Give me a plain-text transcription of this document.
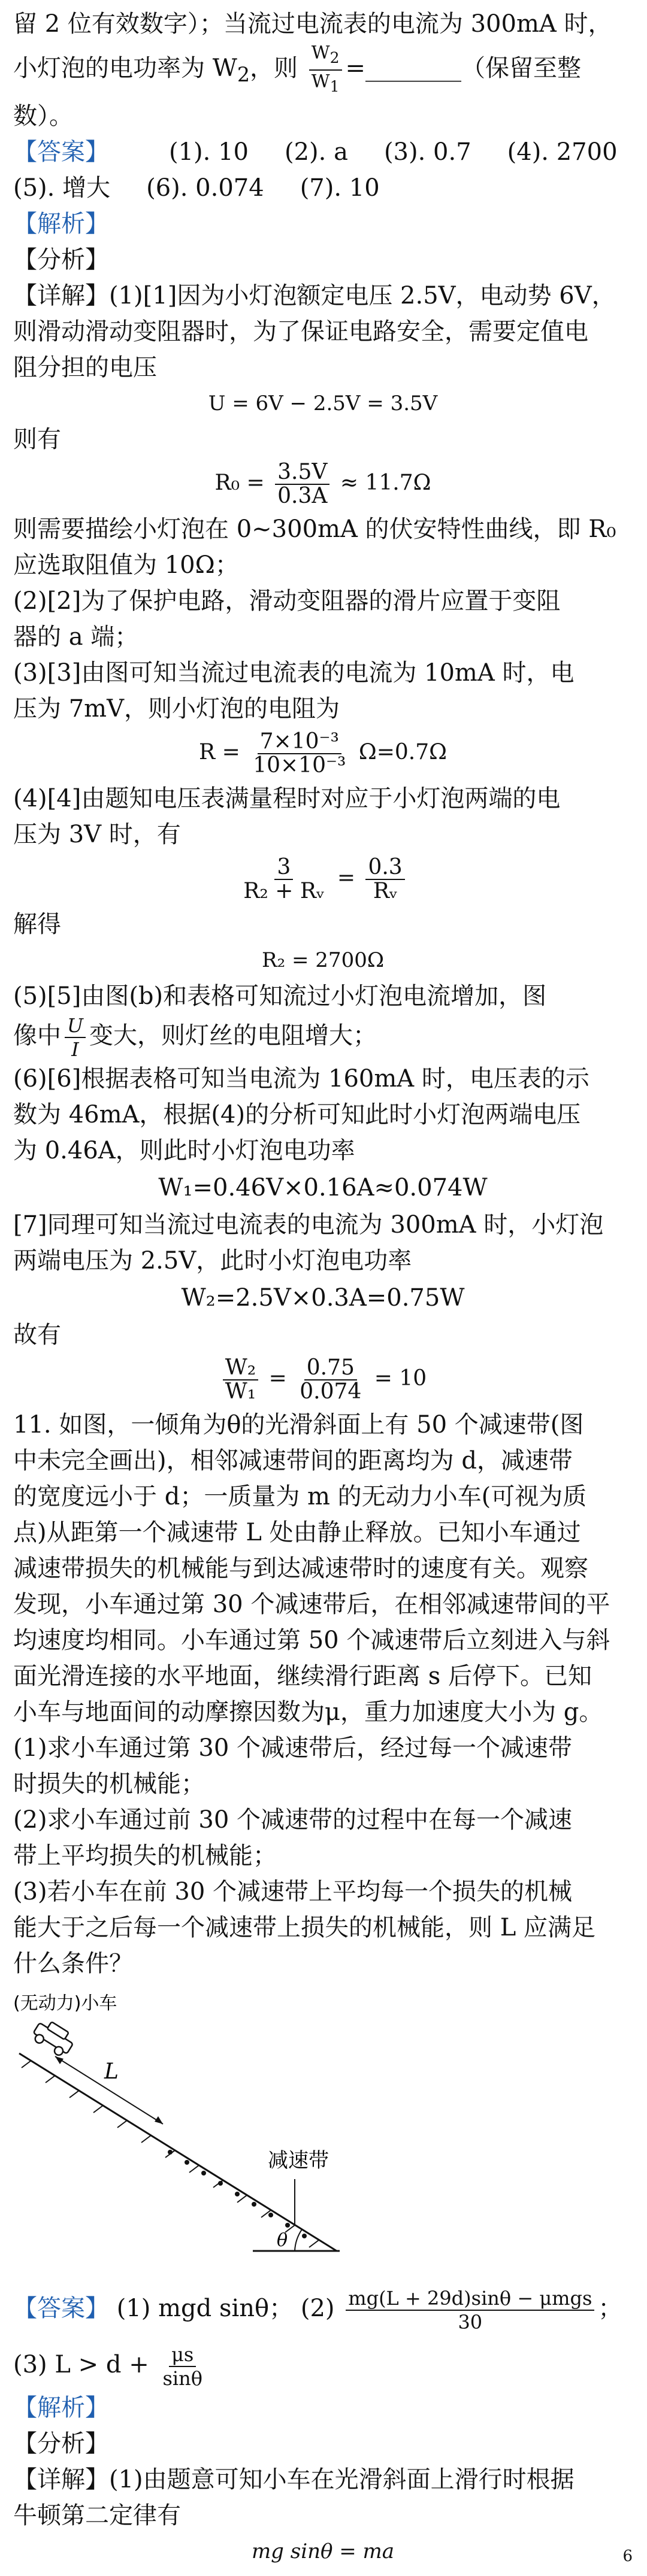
留 2 位有效数字）；当流过电流表的电流为 300mA 时，

小灯泡的电功率为 $W_2$，则 $\frac{W_2}{W_1}$ =________（保留至整数）。

【答案】	(1). 10 (2). a (3). 0.7 (4). 2700
(5). 增大 (6). 0.074 (7). 10

【解析】

【分析】

【详解】(1)[1]因为小灯泡额定电压 2.5V，电动势 6V，

则滑动滑动变阻器时，为了保证电路安全，需要定值电

阻分担的电压

U = 6V − 2.5V = 3.5V

则有

$R_0 = \frac{3.5V}{0.3A} \approx 11.7\Omega$

则需要描绘小灯泡在 0~300mA 的伏安特性曲线，即 R₀

应选取阻值为 10Ω；

(2)[2]为了保护电路，滑动变阻器的滑片应置于变阻

器的 a 端；

(3)[3]由图可知当流过电流表的电流为 10mA 时，电

压为 7mV，则小灯泡的电阻为

$R = \frac{\text{7×10⁻³}}{\text{10×10⁻³}} \Omega=0.7\Omega$

(4)[4]由题知电压表满量程时对应于小灯泡两端的电

压为 3V 时，有

$\frac{3}{\text{R₂ + Rᵥ}} = \frac{0.3}{\text{Rᵥ}}$

解得

R₂ = 2700Ω

(5)[5]由图(b)和表格可知流过小灯泡电流增加，图

像中 $\frac{U}{I}$ 变大，则灯丝的电阻增大；

(6)[6]根据表格可知当电流为 160mA 时，电压表的示

数为 46mA，根据(4)的分析可知此时小灯泡两端电压

为 0.46A，则此时小灯泡电功率

W₁=0.46V×0.16A≈0.074W

[7]同理可知当流过电流表的电流为 300mA 时，小灯泡

两端电压为 2.5V，此时小灯泡电功率

W₂=2.5V×0.3A=0.75W

故有

$\frac{\text{W₂}}{\text{W₁}} = \frac{0.75}{0.074} = 10$

11. 如图，一倾角为θ的光滑斜面上有 50 个减速带(图

中未完全画出)，相邻减速带间的距离均为 d，减速带

的宽度远小于 d；一质量为 m 的无动力小车(可视为质

点)从距第一个减速带 L 处由静止释放。已知小车通过

减速带损失的机械能与到达减速带时的速度有关。观察

发现，小车通过第 30 个减速带后，在相邻减速带间的平

均速度均相同。小车通过第 50 个减速带后立刻进入与斜

面光滑连接的水平地面，继续滑行距离 s 后停下。已知

小车与地面间的动摩擦因数为μ，重力加速度大小为 g。

(1)求小车通过第 30 个减速带后，经过每一个减速带

时损失的机械能；

(2)求小车通过前 30 个减速带的过程中在每一个减速

带上平均损失的机械能；

(3)若小车在前 30 个减速带上平均每一个损失的机械

能大于之后每一个减速带上损失的机械能，则 L 应满足

什么条件？

L
减速带
θ
(无动力)小车

【答案】 (1) mgd sinθ； $(2) \frac{\text{mg(L + 29d)sinθ − μmgs}}{30}$ ；

(3) $L > d + \frac{\mu s}{\sin\theta}$

【解析】

【分析】

【详解】(1)由题意可知小车在光滑斜面上滑行时根据

牛顿第二定律有

mg sinθ = ma	6
